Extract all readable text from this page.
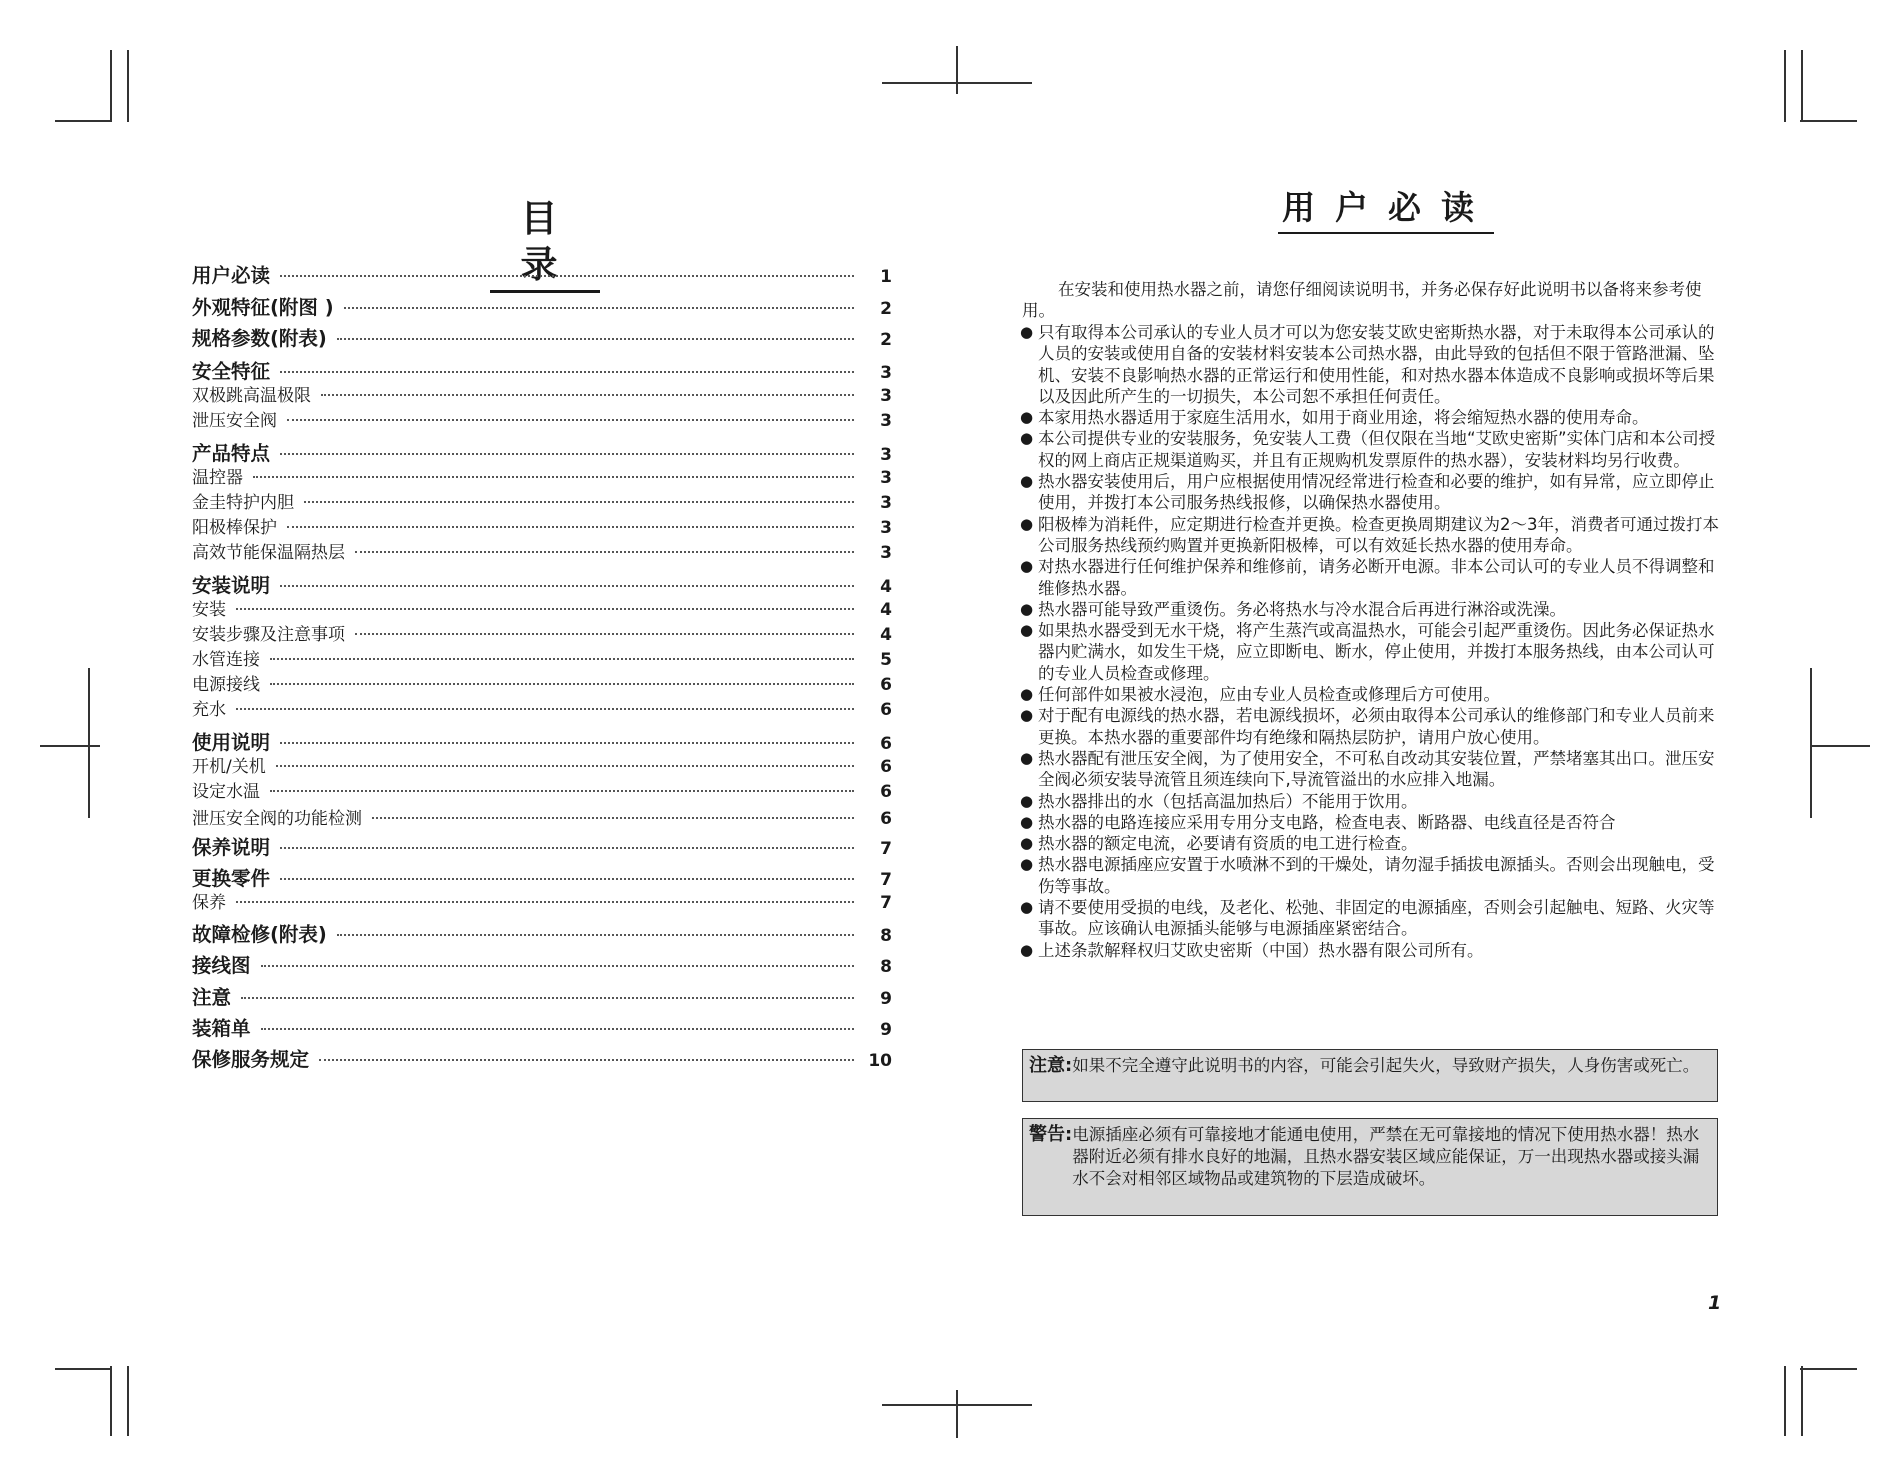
目 录
用户必读	1
外观特征(附图 )	2
规格参数(附表)	2
安全特征	3
双极跳高温极限	3
泄压安全阀	3
产品特点	3
温控器	3
金圭特护内胆	3
阳极棒保护	3
高效节能保温隔热层	3
安装说明	4
安装	4
安装步骤及注意事项	4
水管连接	5
电源接线	6
充水	6
使用说明	6
开机/关机	6
设定水温	6
泄压安全阀的功能检测	6
保养说明	7
更换零件	7
保养	7
故障检修(附表)	8
接线图	8
注意	9
装箱单	9
保修服务规定	10
用户必读
在安装和使用热水器之前，请您仔细阅读说明书，并务必保存好此说明书以备将来参考使用。
● 只有取得本公司承认的专业人员才可以为您安装艾欧史密斯热水器，对于未取得本公司承认的人员的安装或使用自备的安装材料安装本公司热水器，由此导致的包括但不限于管路泄漏、坠机、安装不良影响热水器的正常运行和使用性能，和对热水器本体造成不良影响或损坏等后果以及因此所产生的一切损失，本公司恕不承担任何责任。
● 本家用热水器适用于家庭生活用水，如用于商业用途，将会缩短热水器的使用寿命。
● 本公司提供专业的安装服务，免安装人工费（但仅限在当地“艾欧史密斯”实体门店和本公司授权的网上商店正规渠道购买，并且有正规购机发票原件的热水器），安装材料均另行收费。
● 热水器安装使用后，用户应根据使用情况经常进行检查和必要的维护，如有异常，应立即停止使用，并拨打本公司服务热线报修，以确保热水器使用。
● 阳极棒为消耗件，应定期进行检查并更换。检查更换周期建议为2～3年，消费者可通过拨打本公司服务热线预约购置并更换新阳极棒，可以有效延长热水器的使用寿命。
● 对热水器进行任何维护保养和维修前，请务必断开电源。非本公司认可的专业人员不得调整和维修热水器。
● 热水器可能导致严重烫伤。务必将热水与冷水混合后再进行淋浴或洗澡。
● 如果热水器受到无水干烧，将产生蒸汽或高温热水，可能会引起严重烫伤。因此务必保证热水器内贮满水，如发生干烧，应立即断电、断水，停止使用，并拨打本服务热线，由本公司认可的专业人员检查或修理。
● 任何部件如果被水浸泡，应由专业人员检查或修理后方可使用。
● 对于配有电源线的热水器，若电源线损坏，必须由取得本公司承认的维修部门和专业人员前来更换。本热水器的重要部件均有绝缘和隔热层防护，请用户放心使用。
● 热水器配有泄压安全阀，为了使用安全，不可私自改动其安装位置，严禁堵塞其出口。泄压安全阀必须安装导流管且须连续向下,导流管溢出的水应排入地漏。
● 热水器排出的水（包括高温加热后）不能用于饮用。
● 热水器的电路连接应采用专用分支电路，检查电表、断路器、电线直径是否符合
● 热水器的额定电流，必要请有资质的电工进行检查。
● 热水器电源插座应安置于水喷淋不到的干燥处，请勿湿手插拔电源插头。否则会出现触电，受伤等事故。
● 请不要使用受损的电线，及老化、松弛、非固定的电源插座，否则会引起触电、短路、火灾等事故。应该确认电源插头能够与电源插座紧密结合。
● 上述条款解释权归艾欧史密斯（中国）热水器有限公司所有。
注意: 如果不完全遵守此说明书的内容，可能会引起失火，导致财产损失，人身伤害或死亡。
警告: 电源插座必须有可靠接地才能通电使用，严禁在无可靠接地的情况下使用热水器！热水器附近必须有排水良好的地漏，且热水器安装区域应能保证，万一出现热水器或接头漏水不会对相邻区域物品或建筑物的下层造成破坏。
1
